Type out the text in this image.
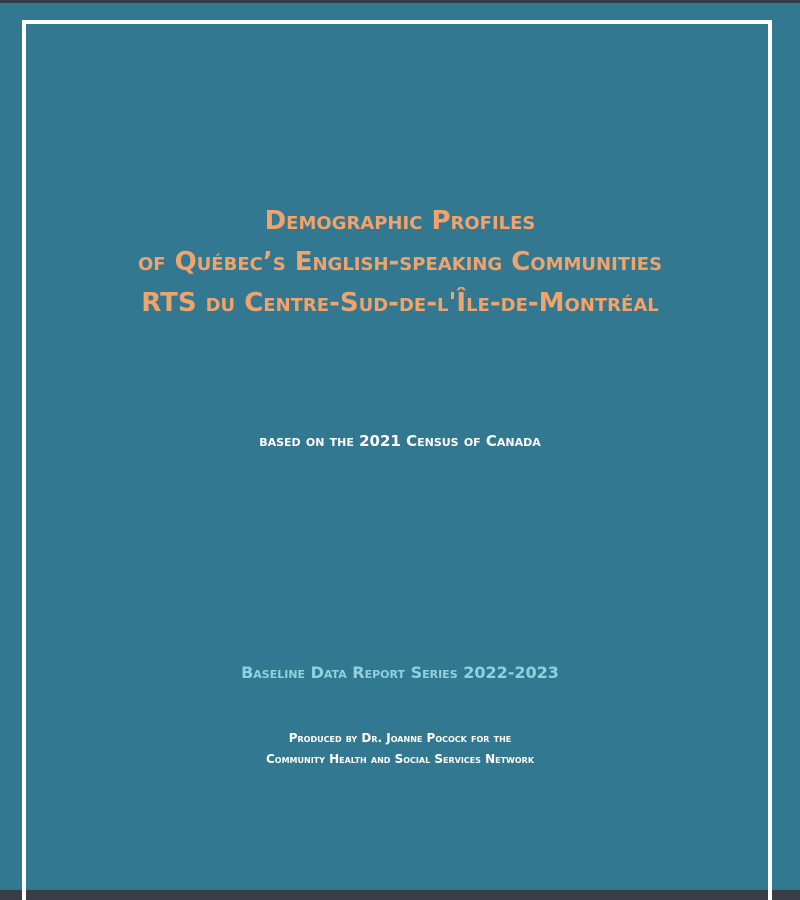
Demographic Profiles
of Québec’s English-speaking Communities
RTS du Centre-Sud-de-l'Île-de-Montréal
based on the 2021 Census of Canada
Baseline Data Report Series 2022-2023
Produced by Dr. Joanne Pocock for the
Community Health and Social Services Network
